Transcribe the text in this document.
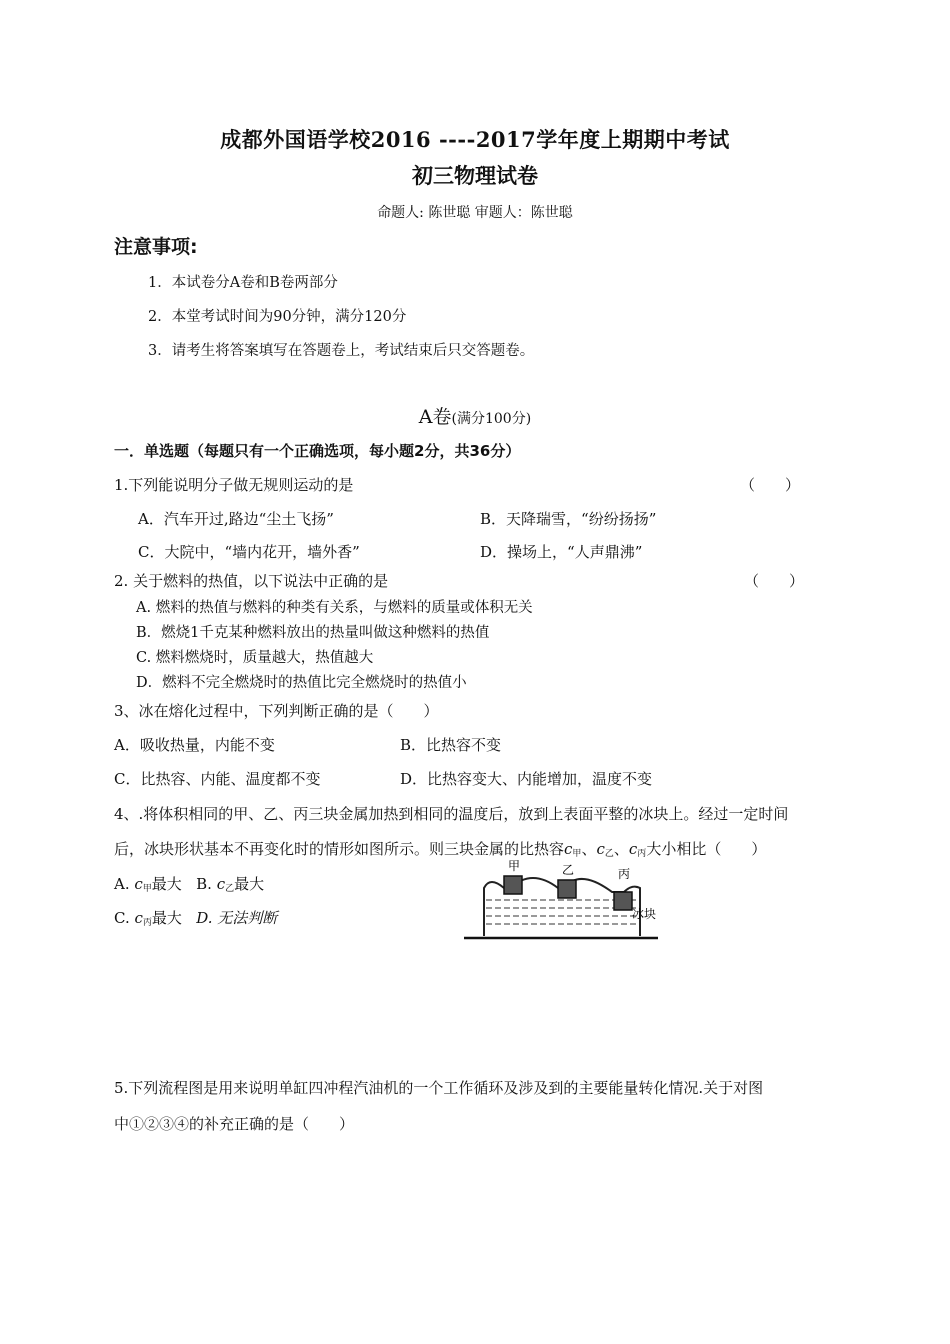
成都外国语学校2016 ----2017学年度上期期中考试
初三物理试卷
命题人: 陈世聪 审题人：陈世聪
注意事项:
1．本试卷分A卷和B卷两部分
2．本堂考试时间为90分钟，满分120分
3．请考生将答案填写在答题卷上，考试结束后只交答题卷。
A卷(满分100分)
一．单选题（每题只有一个正确选项，每小题2分，共36分）
1.下列能说明分子做无规则运动的是	（　　）
A．汽车开过,路边“尘土飞扬”	B．天降瑞雪，“纷纷扬扬”
C．大院中，“墙内花开，墙外香”	D．操场上，“人声鼎沸”
2. 关于燃料的热值，以下说法中正确的是	（　　）
A. 燃料的热值与燃料的种类有关系，与燃料的质量或体积无关
B．燃烧1千克某种燃料放出的热量叫做这种燃料的热值
C. 燃料燃烧时，质量越大，热值越大
D．燃料不完全燃烧时的热值比完全燃烧时的热值小
3、冰在熔化过程中，下列判断正确的是（　　）
A．吸收热量，内能不变	B．比热容不变
C．比热容、内能、温度都不变	D．比热容变大、内能增加，温度不变
4、.将体积相同的甲、乙、丙三块金属加热到相同的温度后，放到上表面平整的冰块上。经过一定时间
后，冰块形状基本不再变化时的情形如图所示。则三块金属的比热容$c_甲$、$c_乙$、$c_丙$大小相比（　　）
A. $c_甲$最大 B. $c_乙$最大
C. $c_丙$最大 D. 无法判断
甲	乙	丙
冰块
5.下列流程图是用来说明单缸四冲程汽油机的一个工作循环及涉及到的主要能量转化情况.关于对图
中①②③④的补充正确的是（　　）
